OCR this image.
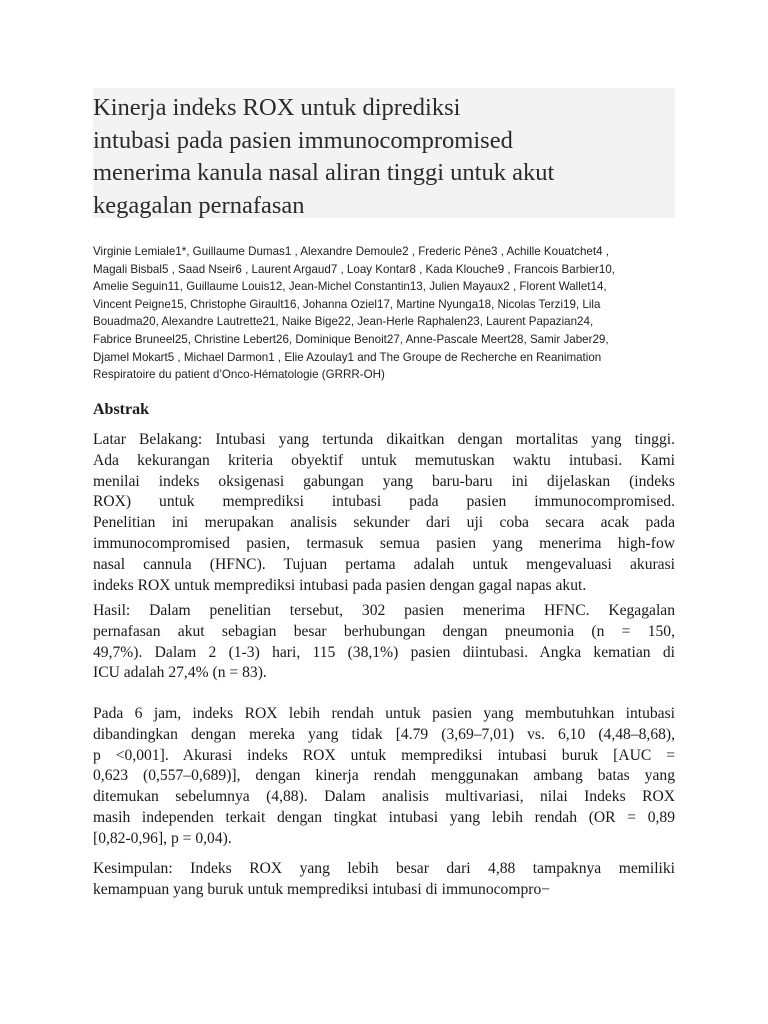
Kinerja indeks ROX untuk diprediksi
intubasi pada pasien immunocompromised
menerima kanula nasal aliran tinggi untuk akut
kegagalan pernafasan
Virginie Lemiale1*, Guillaume Dumas1 , Alexandre Demoule2 , Frederic Pène3 , Achille Kouatchet4 ,
Magali Bisbal5 , Saad Nseir6 , Laurent Argaud7 , Loay Kontar8 , Kada Klouche9 , Francois Barbier10,
Amelie Seguin11, Guillaume Louis12, Jean-Michel Constantin13, Julien Mayaux2 , Florent Wallet14,
Vincent Peigne15, Christophe Girault16, Johanna Oziel17, Martine Nyunga18, Nicolas Terzi19, Lila
Bouadma20, Alexandre Lautrette21, Naike Bige22, Jean-Herle Raphalen23, Laurent Papazian24,
Fabrice Bruneel25, Christine Lebert26, Dominique Benoit27, Anne-Pascale Meert28, Samir Jaber29,
Djamel Mokart5 , Michael Darmon1 , Elie Azoulay1 and The Groupe de Recherche en Reanimation
Respiratoire du patient d’Onco-Hématologie (GRRR-OH)
Abstrak

Latar Belakang: Intubasi yang tertunda dikaitkan dengan mortalitas yang tinggi.
Ada kekurangan kriteria obyektif untuk memutuskan waktu intubasi. Kami
menilai indeks oksigenasi gabungan yang baru-baru ini dijelaskan (indeks
ROX) untuk memprediksi intubasi pada pasien immunocompromised.
Penelitian ini merupakan analisis sekunder dari uji coba secara acak pada
immunocompromised pasien, termasuk semua pasien yang menerima high-fow
nasal cannula (HFNC). Tujuan pertama adalah untuk mengevaluasi akurasi
indeks ROX untuk memprediksi intubasi pada pasien dengan gagal napas akut.

Hasil: Dalam penelitian tersebut, 302 pasien menerima HFNC. Kegagalan
pernafasan akut sebagian besar berhubungan dengan pneumonia (n = 150,
49,7%). Dalam 2 (1-3) hari, 115 (38,1%) pasien diintubasi. Angka kematian di
ICU adalah 27,4% (n = 83).

Pada 6 jam, indeks ROX lebih rendah untuk pasien yang membutuhkan intubasi
dibandingkan dengan mereka yang tidak [4.79 (3,69–7,01) vs. 6,10 (4,48–8,68),
p <0,001]. Akurasi indeks ROX untuk memprediksi intubasi buruk [AUC =
0,623 (0,557–0,689)], dengan kinerja rendah menggunakan ambang batas yang
ditemukan sebelumnya (4,88). Dalam analisis multivariasi, nilai Indeks ROX
masih independen terkait dengan tingkat intubasi yang lebih rendah (OR = 0,89
[0,82-0,96], p = 0,04).

Kesimpulan: Indeks ROX yang lebih besar dari 4,88 tampaknya memiliki
kemampuan yang buruk untuk memprediksi intubasi di immunocompro−
